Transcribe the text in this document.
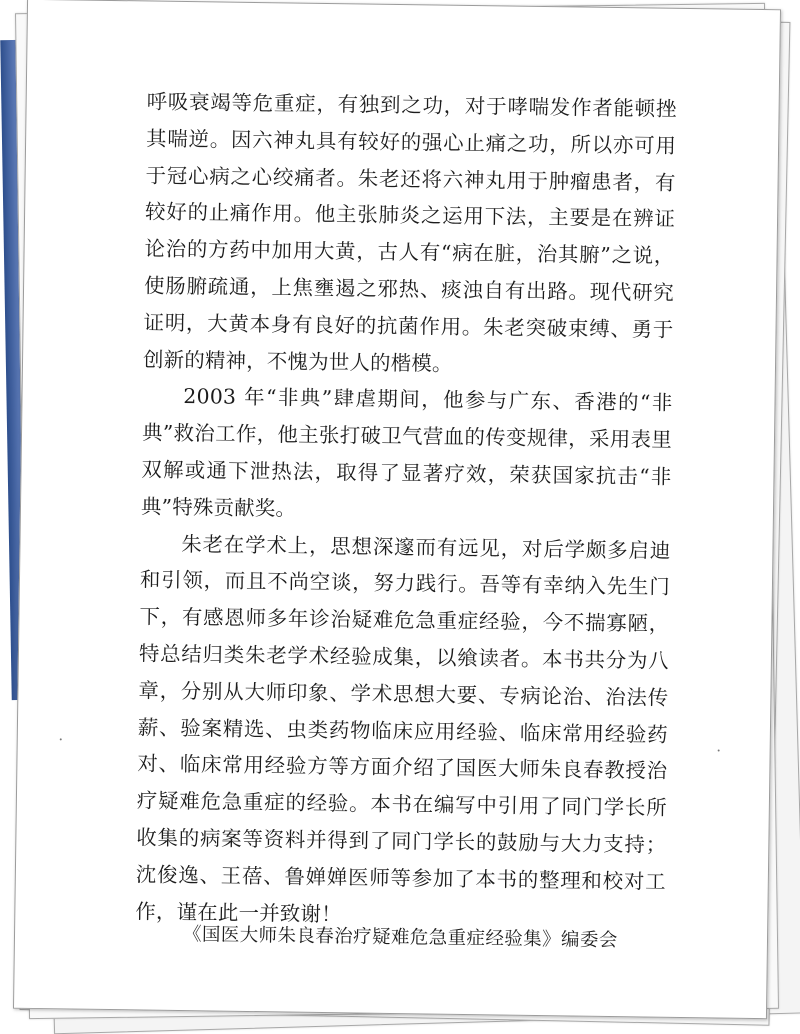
呼吸衰竭等危重症，有独到之功，对于哮喘发作者能顿挫其喘逆。因六神丸具有较好的强心止痛之功，所以亦可用于冠心病之心绞痛者。朱老还将六神丸用于肿瘤患者，有较好的止痛作用。他主张肺炎之运用下法，主要是在辨证论治的方药中加用大黄，古人有“病在脏，治其腑”之说，使肠腑疏通，上焦壅遏之邪热、痰浊自有出路。现代研究证明，大黄本身有良好的抗菌作用。朱老突破束缚、勇于创新的精神，不愧为世人的楷模。

2003 年“非典”肆虐期间，他参与广东、香港的“非典”救治工作，他主张打破卫气营血的传变规律，采用表里双解或通下泄热法，取得了显著疗效，荣获国家抗击“非典”特殊贡献奖。

朱老在学术上，思想深邃而有远见，对后学颇多启迪和引领，而且不尚空谈，努力践行。吾等有幸纳入先生门下，有感恩师多年诊治疑难危急重症经验，今不揣寡陋，特总结归类朱老学术经验成集，以飨读者。本书共分为八章，分别从大师印象、学术思想大要、专病论治、治法传薪、验案精选、虫类药物临床应用经验、临床常用经验药对、临床常用经验方等方面介绍了国医大师朱良春教授治疗疑难危急重症的经验。本书在编写中引用了同门学长所收集的病案等资料并得到了同门学长的鼓励与大力支持；沈俊逸、王蓓、鲁婵婵医师等参加了本书的整理和校对工作，谨在此一并致谢！

《国医大师朱良春治疗疑难危急重症经验集》编委会
